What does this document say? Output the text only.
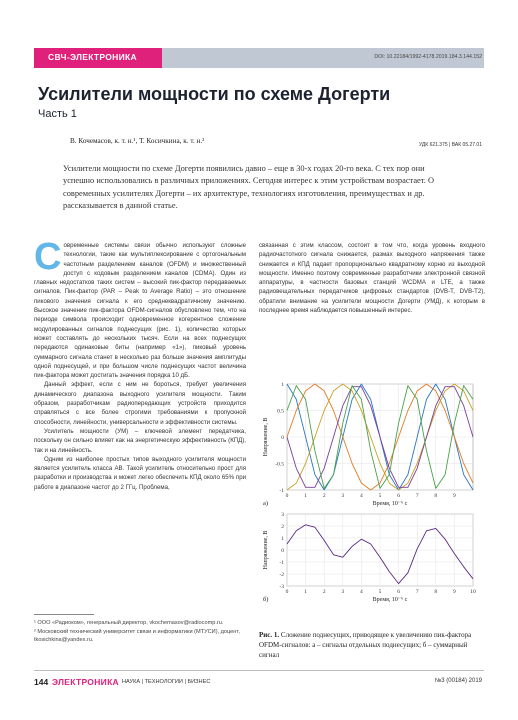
СВЧ-ЭЛЕКТРОНИКА	DOI: 10.22184/1992-4178.2019.184.3.144.152
Усилители мощности по схеме Догерти
Часть 1
В. Кочемасов, к. т. н.¹, Т. Косичкина, к. т. н.²	УДК 621.375 | ВАК 05.27.01
Усилители мощности по схеме Догерти появились давно – еще в 30-х годах 20-го века. С тех пор они успешно использовались в различных приложениях. Сегодня интерес к этим устройствам возрастает. О современных усилителях Догерти – их архитектуре, технологиях изготовления, преимуществах и др. рассказывается в данной статье.

Современные системы связи обычно используют сложные технологии, такие как мультиплексирование с ортогональным частотным разделением каналов (OFDM) и множественный доступ с кодовым разделением каналов (CDMA). Один из главных недостатков таких систем – высокий пик-фактор передаваемых сигналов. Пик-фактор (PAR – Peak to Average Ratio) – это отношение пикового значения сигнала к его среднеквадратичному значению. Высокое значение пик-фактора OFDM-сигналов обусловлено тем, что на периоде символа происходит одновременное когерентное сложение модулированных сигналов поднесущих (рис. 1), количество которых может составлять до нескольких тысяч. Если на всех поднесущих передаются одинаковые биты (например «1»), пиковый уровень суммарного сигнала станет в несколько раз больше значения амплитуды одной поднесущей, и при большом числе поднесущих частот величина пик-фактора может достигать значения порядка 10 дБ.

Данный эффект, если с ним не бороться, требует увеличения динамического диапазона выходного усилителя мощности. Таким образом, разработчикам радиопередающих устройств приходится справляться с все более строгими требованиями к пропускной способности, линейности, универсальности и эффективности системы.

Усилитель мощности (УМ) – ключевой элемент передатчика, поскольку он сильно влияет как на энергетическую эффективность (КПД), так и на линейность.

Одним из наиболее простых типов выходного усилителя мощности является усилитель класса AB. Такой усилитель относительно прост для разработки и производства и может легко обеспечить КПД около 65% при работе в диапазоне частот до 2 ГГц. Проблема,

связанная с этим классом, состоит в том что, когда уровень входного радиочастотного сигнала снижается, размах выходного напряжения также снижается и КПД падает пропорционально квадратному корню из выходной мощности. Именно поэтому современные разработчики электронной связной аппаратуры, в частности базовых станций WCDMA и LTE, а также радиовещательных передатчиков цифровых стандартов (DVB-T, DVB-T2), обратили внимание на усилители мощности Догерти (УМД), к которым в последнее время наблюдается повышенный интерес.

0	1	2	3	4	5	6	7	8	9
-1
-0.5
0
0.5
1
Время, 10⁻⁶ с
Напряжение, В
а)
0	1	2	3	4	5	6	7	8	9	10
-3
-2
-1
0
1
2
3
Время, 10⁻⁶ с
Напряжение, В
б)
Рис. 1. Сложение поднесущих, приводящее к увеличению пик-фактора OFDM-сигналов: а – сигналы отдельных поднесущих; б – суммарный сигнал
¹ ООО «Радиоком», генеральный директор, vkochemasov@radiocomp.ru.
² Московский технический университет связи и информатики (МТУСИ), доцент, tkosichkina@yandex.ru.
144 ЭЛЕКТРОНИКА НАУКА | ТЕХНОЛОГИИ | БИЗНЕС	№3 (00184) 2019
